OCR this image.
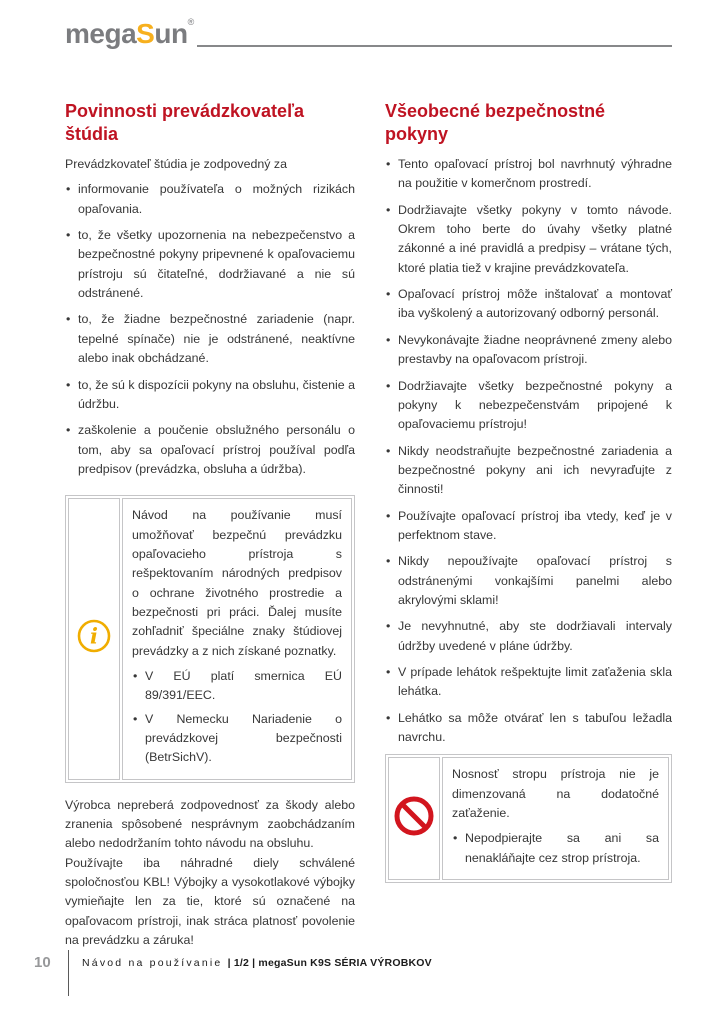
megaSun®
Povinnosti prevádzkovateľa štúdia

Prevádzkovateľ štúdia je zodpovedný za

• informovanie používateľa o možných rizikách opaľovania.
• to, že všetky upozornenia na nebezpečenstvo a bezpečnostné pokyny pripevnené k opaľovaciemu prístroju sú čitateľné, dodržiavané a nie sú odstránené.
• to, že žiadne bezpečnostné zariadenie (napr. tepelné spínače) nie je odstránené, neaktívne alebo inak obchádzané.
• to, že sú k dispozícii pokyny na obsluhu, čistenie a údržbu.
• zaškolenie a poučenie obslužného personálu o tom, aby sa opaľovací prístroj používal podľa predpisov (prevádzka, obsluha a údržba).
i

Návod na používanie musí umožňovať bezpečnú prevádzku opaľovacieho prístroja s rešpektovaním národných predpisov o ochrane životného prostredie a bezpečnosti pri práci. Ďalej musíte zohľadniť špeciálne znaky štúdiovej prevádzky a z nich získané poznatky.

• V EÚ platí smernica EÚ 89/391/EEC.
• V Nemecku Nariadenie o prevádzkovej bezpečnosti (BetrSichV).

Výrobca nepreberá zodpovednosť za škody alebo zranenia spôsobené nesprávnym zaobchádzaním alebo nedodržaním tohto návodu na obsluhu.

Používajte iba náhradné diely schválené spoločnosťou KBL! Výbojky a vysokotlakové výbojky vymieňajte len za tie, ktoré sú označené na opaľovacom prístroji, inak stráca platnosť povolenie na prevádzku a záruka!

Všeobecné bezpečnostné pokyny
• Tento opaľovací prístroj bol navrhnutý výhradne na použitie v komerčnom prostredí.
• Dodržiavajte všetky pokyny v tomto návode. Okrem toho berte do úvahy všetky platné zákonné a iné pravidlá a predpisy – vrátane tých, ktoré platia tiež v krajine prevádzkovateľa.
• Opaľovací prístroj môže inštalovať a montovať iba vyškolený a autorizovaný odborný personál.
• Nevykonávajte žiadne neoprávnené zmeny alebo prestavby na opaľovacom prístroji.
• Dodržiavajte všetky bezpečnostné pokyny a pokyny k nebezpečenstvám pripojené k opaľovaciemu prístroju!
• Nikdy neodstraňujte bezpečnostné zariadenia a bezpečnostné pokyny ani ich nevyraďujte z činnosti!
• Používajte opaľovací prístroj iba vtedy, keď je v perfektnom stave.
• Nikdy nepoužívajte opaľovací prístroj s odstránenými vonkajšími panelmi alebo akrylovými sklami!
• Je nevyhnutné, aby ste dodržiavali intervaly údržby uvedené v pláne údržby.
• V prípade lehátok rešpektujte limit zaťaženia skla lehátka.
• Lehátko sa môže otvárať len s tabuľou ležadla navrchu.

Nosnosť stropu prístroja nie je dimenzovaná na dodatočné zaťaženie.

• Nepodpierajte sa ani sa nenakláňajte cez strop prístroja.
10	Návod na používanie | 1/2 | megaSun K9S SÉRIA VÝROBKOV
